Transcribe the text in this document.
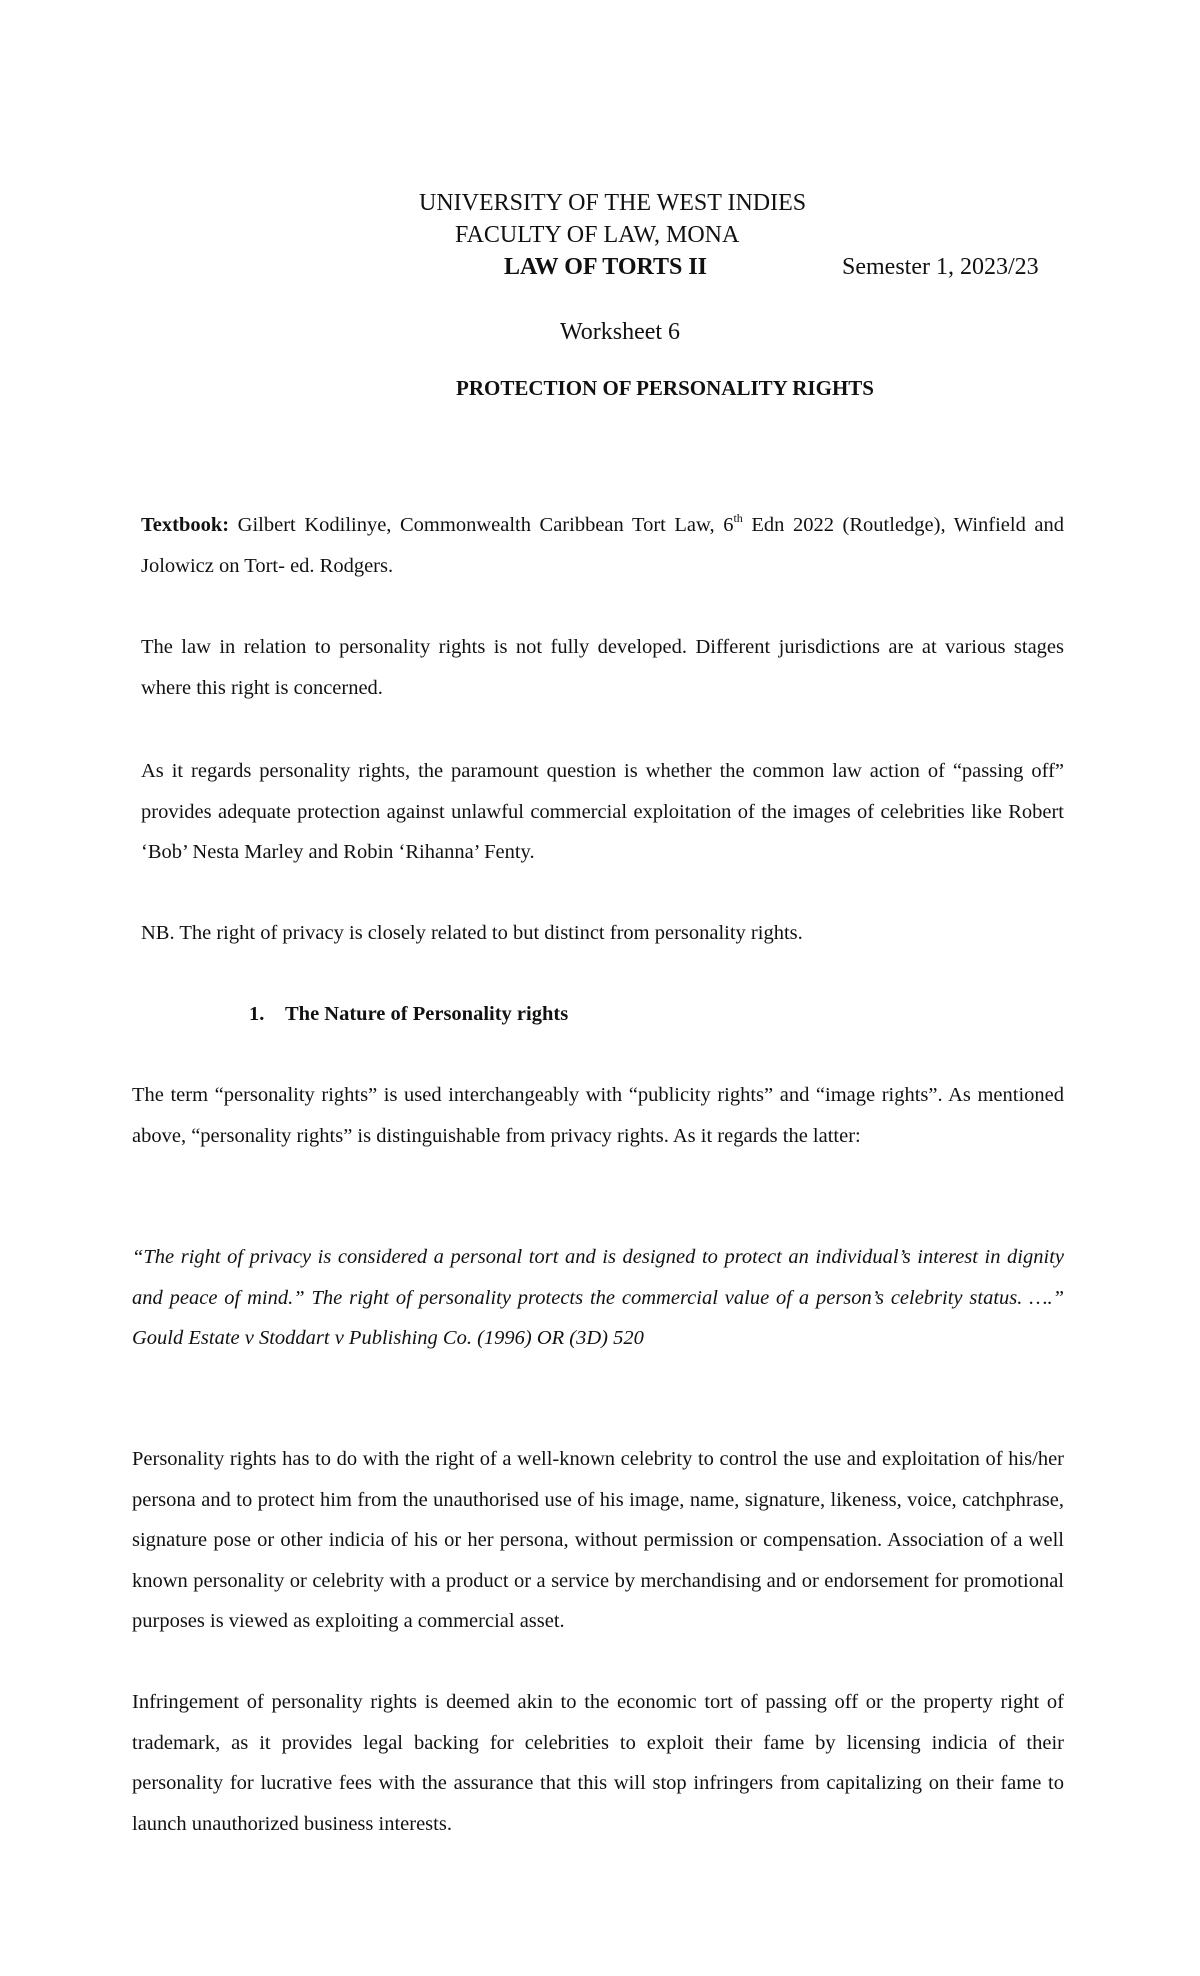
UNIVERSITY OF THE WEST INDIES
FACULTY OF LAW, MONA
LAW OF TORTS II	Semester 1, 2023/23
Worksheet 6
PROTECTION OF PERSONALITY RIGHTS

Textbook: Gilbert Kodilinye, Commonwealth Caribbean Tort Law, 6th Edn 2022 (Routledge), Winfield and Jolowicz on Tort- ed. Rodgers.

The law in relation to personality rights is not fully developed. Different jurisdictions are at various stages where this right is concerned.

As it regards personality rights, the paramount question is whether the common law action of “passing off” provides adequate protection against unlawful commercial exploitation of the images of celebrities like Robert ‘Bob’ Nesta Marley and Robin ‘Rihanna’ Fenty.

NB. The right of privacy is closely related to but distinct from personality rights.

1. The Nature of Personality rights

The term “personality rights” is used interchangeably with “publicity rights” and “image rights”. As mentioned above, “personality rights” is distinguishable from privacy rights. As it regards the latter:

“The right of privacy is considered a personal tort and is designed to protect an individual’s interest in dignity and peace of mind.” The right of personality protects the commercial value of a person’s celebrity status. ….” Gould Estate v Stoddart v Publishing Co. (1996) OR (3D) 520

Personality rights has to do with the right of a well-known celebrity to control the use and exploitation of his/her persona and to protect him from the unauthorised use of his image, name, signature, likeness, voice, catchphrase, signature pose or other indicia of his or her persona, without permission or compensation. Association of a well known personality or celebrity with a product or a service by merchandising and or endorsement for promotional purposes is viewed as exploiting a commercial asset.

Infringement of personality rights is deemed akin to the economic tort of passing off or the property right of trademark, as it provides legal backing for celebrities to exploit their fame by licensing indicia of their personality for lucrative fees with the assurance that this will stop infringers from capitalizing on their fame to launch unauthorized business interests.
